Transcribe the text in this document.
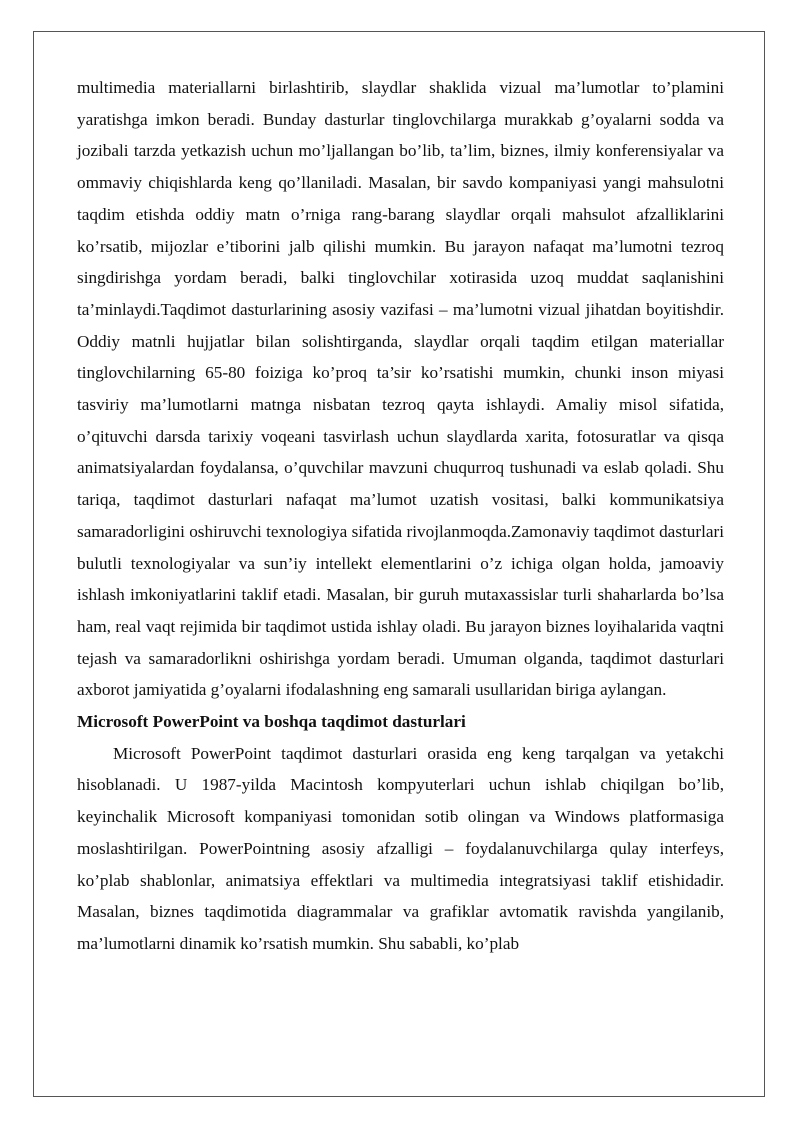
multimedia materiallarni birlashtirib, slaydlar shaklida vizual ma’lumotlar to’plamini yaratishga imkon beradi. Bunday dasturlar tinglovchilarga murakkab g’oyalarni sodda va jozibali tarzda yetkazish uchun mo’ljallangan bo’lib, ta’lim, biznes, ilmiy konferensiyalar va ommaviy chiqishlarda keng qo’llaniladi. Masalan, bir savdo kompaniyasi yangi mahsulotni taqdim etishda oddiy matn o’rniga rang-barang slaydlar orqali mahsulot afzalliklarini ko’rsatib, mijozlar e’tiborini jalb qilishi mumkin. Bu jarayon nafaqat ma’lumotni tezroq singdirishga yordam beradi, balki tinglovchilar xotirasida uzoq muddat saqlanishini ta’minlaydi.Taqdimot dasturlarining asosiy vazifasi – ma’lumotni vizual jihatdan boyitishdir. Oddiy matnli hujjatlar bilan solishtirganda, slaydlar orqali taqdim etilgan materiallar tinglovchilarning 65-80 foiziga ko’proq ta’sir ko’rsatishi mumkin, chunki inson miyasi tasviriy ma’lumotlarni matnga nisbatan tezroq qayta ishlaydi. Amaliy misol sifatida, o’qituvchi darsda tarixiy voqeani tasvirlash uchun slaydlarda xarita, fotosuratlar va qisqa animatsiyalardan foydalansa, o’quvchilar mavzuni chuqurroq tushunadi va eslab qoladi. Shu tariqa, taqdimot dasturlari nafaqat ma’lumot uzatish vositasi, balki kommunikatsiya samaradorligini oshiruvchi texnologiya sifatida rivojlanmoqda.Zamonaviy taqdimot dasturlari bulutli texnologiyalar va sun’iy intellekt elementlarini o’z ichiga olgan holda, jamoaviy ishlash imkoniyatlarini taklif etadi. Masalan, bir guruh mutaxassislar turli shaharlarda bo’lsa ham, real vaqt rejimida bir taqdimot ustida ishlay oladi. Bu jarayon biznes loyihalarida vaqtni tejash va samaradorlikni oshirishga yordam beradi. Umuman olganda, taqdimot dasturlari axborot jamiyatida g’oyalarni ifodalashning eng samarali usullaridan biriga aylangan.

Microsoft PowerPoint va boshqa taqdimot dasturlari

Microsoft PowerPoint taqdimot dasturlari orasida eng keng tarqalgan va yetakchi hisoblanadi. U 1987-yilda Macintosh kompyuterlari uchun ishlab chiqilgan bo’lib, keyinchalik Microsoft kompaniyasi tomonidan sotib olingan va Windows platformasiga moslashtirilgan. PowerPointning asosiy afzalligi – foydalanuvchilarga qulay interfeys, ko’plab shablonlar, animatsiya effektlari va multimedia integratsiyasi taklif etishidadir. Masalan, biznes taqdimotida diagrammalar va grafiklar avtomatik ravishda yangilanib, ma’lumotlarni dinamik ko’rsatish mumkin. Shu sababli, ko’plab
